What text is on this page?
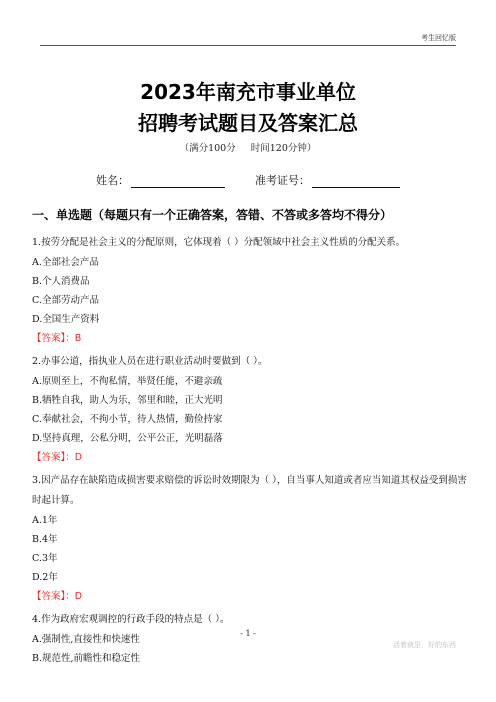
考生回忆版
2023年南充市事业单位
招聘考试题目及答案汇总
（满分100分 时间120分钟）
姓名：	准考证号：
一、单选题（每题只有一个正确答案，答错、不答或多答均不得分）
1.按劳分配是社会主义的分配原则，它体现着（ ）分配领域中社会主义性质的分配关系。
A.全部社会产品
B.个人消费品
C.全部劳动产品
D.全国生产资料
【答案】：B
2.办事公道，指执业人员在进行职业活动时要做到（ ）。
A.原则至上，不徇私情，举贤任能，不避亲疏
B.牺牲自我，助人为乐，邻里和睦，正大光明
C.奉献社会，不拘小节，待人热情，勤俭持家
D.坚持真理，公私分明，公平公正，光明磊落
【答案】：D
3.因产品存在缺陷造成损害要求赔偿的诉讼时效期限为（ ），自当事人知道或者应当知道其权益受到损害时起计算。
A.1年
B.4年
C.3年
D.2年
【答案】：D
4.作为政府宏观调控的行政手段的特点是（ ）。
A.强制性,直接性和快速性
B.规范性,前瞻性和稳定性
- 1 -
活着就是，好的东西
